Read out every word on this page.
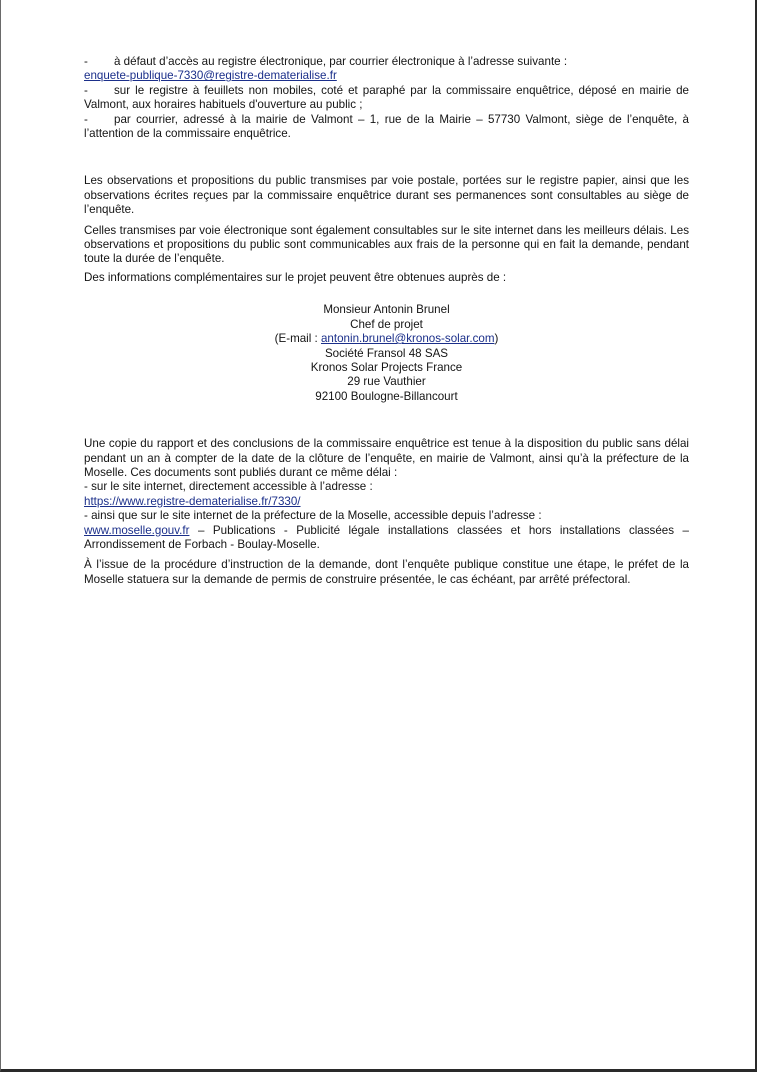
- à défaut d’accès au registre électronique, par courrier électronique à l’adresse suivante :

enquete-publique-7330@registre-dematerialise.fr

- sur le registre à feuillets non mobiles, coté et paraphé par la commissaire enquêtrice, déposé en mairie de Valmont, aux horaires habituels d'ouverture au public ;

- par courrier, adressé à la mairie de Valmont – 1, rue de la Mairie – 57730 Valmont, siège de l’enquête, à l’attention de la commissaire enquêtrice.

Les observations et propositions du public transmises par voie postale, portées sur le registre papier, ainsi que les observations écrites reçues par la commissaire enquêtrice durant ses permanences sont consultables au siège de l’enquête.

Celles transmises par voie électronique sont également consultables sur le site internet dans les meilleurs délais. Les observations et propositions du public sont communicables aux frais de la personne qui en fait la demande, pendant toute la durée de l’enquête.

Des informations complémentaires sur le projet peuvent être obtenues auprès de :

Monsieur Antonin Brunel
Chef de projet
(E-mail : antonin.brunel@kronos-solar.com)
Société Fransol 48 SAS
Kronos Solar Projects France
29 rue Vauthier
92100 Boulogne-Billancourt

Une copie du rapport et des conclusions de la commissaire enquêtrice est tenue à la disposition du public sans délai pendant un an à compter de la date de la clôture de l’enquête, en mairie de Valmont, ainsi qu’à la préfecture de la Moselle. Ces documents sont publiés durant ce même délai :

- sur le site internet, directement accessible à l’adresse :

https://www.registre-dematerialise.fr/7330/

- ainsi que sur le site internet de la préfecture de la Moselle, accessible depuis l’adresse :

www.moselle.gouv.fr – Publications - Publicité légale installations classées et hors installations classées – Arrondissement de Forbach - Boulay-Moselle.

À l’issue de la procédure d’instruction de la demande, dont l’enquête publique constitue une étape, le préfet de la Moselle statuera sur la demande de permis de construire présentée, le cas échéant, par arrêté préfectoral.
